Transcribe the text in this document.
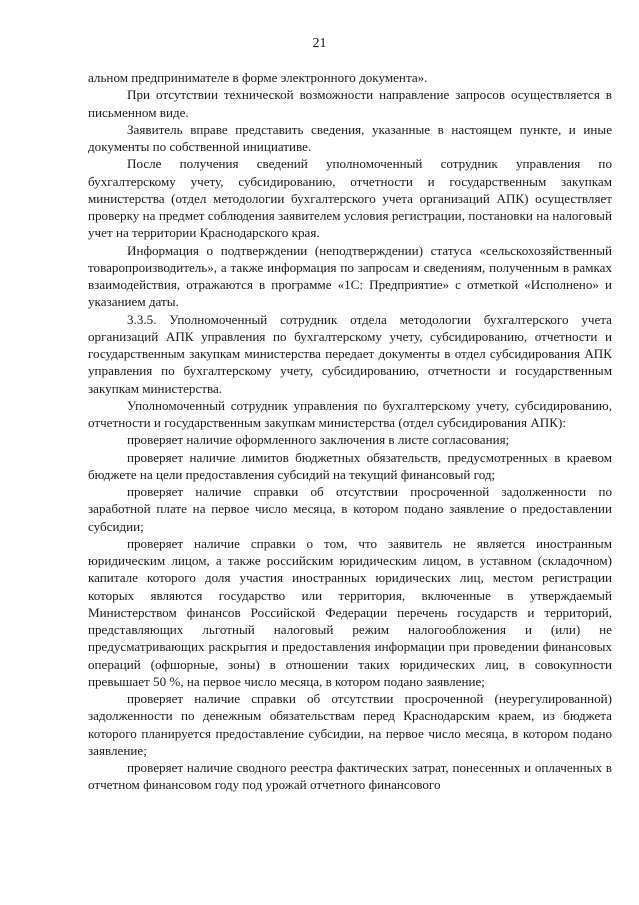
21

альном предпринимателе в форме электронного документа».

При отсутствии технической возможности направление запросов осуществляется в письменном виде.

Заявитель вправе представить сведения, указанные в настоящем пункте, и иные документы по собственной инициативе.

После получения сведений уполномоченный сотрудник управления по бухгалтерскому учету, субсидированию, отчетности и государственным закупкам министерства (отдел методологии бухгалтерского учета организаций АПК) осуществляет проверку на предмет соблюдения заявителем условия регистрации, постановки на налоговый учет на территории Краснодарского края.

Информация о подтверждении (неподтверждении) статуса «сельскохозяйственный товаропроизводитель», а также информация по запросам и сведениям, полученным в рамках взаимодействия, отражаются в программе «1С: Предприятие» с отметкой «Исполнено» и указанием даты.

3.3.5. Уполномоченный сотрудник отдела методологии бухгалтерского учета организаций АПК управления по бухгалтерскому учету, субсидированию, отчетности и государственным закупкам министерства передает документы в отдел субсидирования АПК управления по бухгалтерскому учету, субсидированию, отчетности и государственным закупкам министерства.

Уполномоченный сотрудник управления по бухгалтерскому учету, субсидированию, отчетности и государственным закупкам министерства (отдел субсидирования АПК):

проверяет наличие оформленного заключения в листе согласования;

проверяет наличие лимитов бюджетных обязательств, предусмотренных в краевом бюджете на цели предоставления субсидий на текущий финансовый год;

проверяет наличие справки об отсутствии просроченной задолженности по заработной плате на первое число месяца, в котором подано заявление о предоставлении субсидии;

проверяет наличие справки о том, что заявитель не является иностранным юридическим лицом, а также российским юридическим лицом, в уставном (складочном) капитале которого доля участия иностранных юридических лиц, местом регистрации которых являются государство или территория, включенные в утверждаемый Министерством финансов Российской Федерации перечень государств и территорий, представляющих льготный налоговый режим налогообложения и (или) не предусматривающих раскрытия и предоставления информации при проведении финансовых операций (офшорные, зоны) в отношении таких юридических лиц, в совокупности превышает 50 %, на первое число месяца, в котором подано заявление;

проверяет наличие справки об отсутствии просроченной (неурегулированной) задолженности по денежным обязательствам перед Краснодарским краем, из бюджета которого планируется предоставление субсидии, на первое число месяца, в котором подано заявление;

проверяет наличие сводного реестра фактических затрат, понесенных и оплаченных в отчетном финансовом году под урожай отчетного финансового
